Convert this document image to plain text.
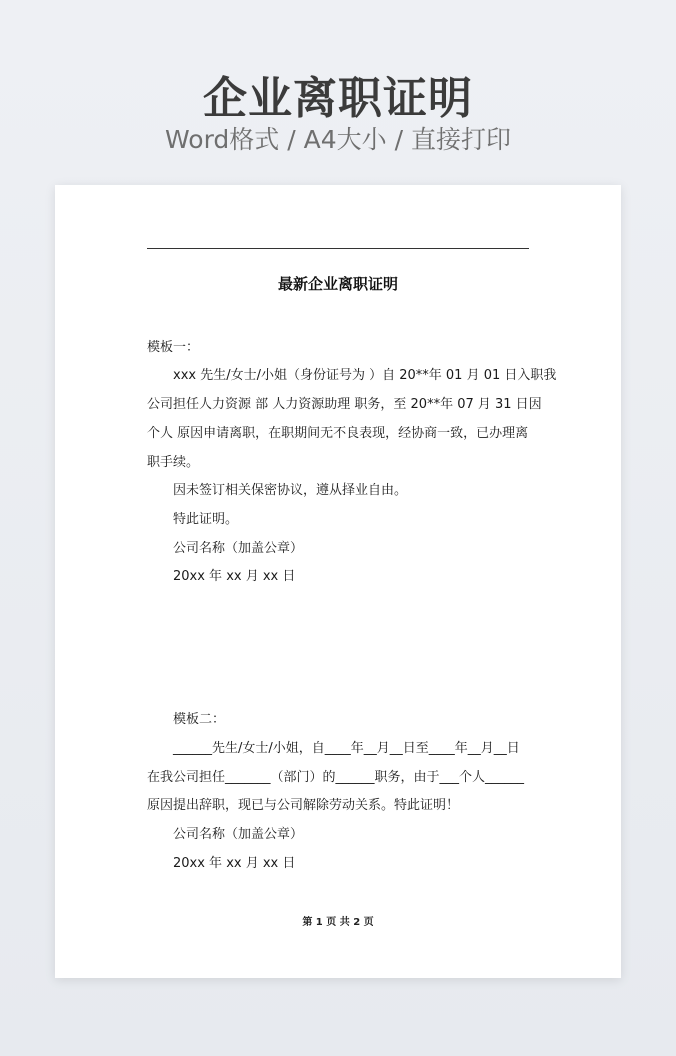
企业离职证明
Word格式 / A4大小 / 直接打印
最新企业离职证明
模板一：
xxx 先生/女士/小姐（身份证号为 ）自 20**年 01 月 01 日入职我
公司担任人力资源 部 人力资源助理 职务，至 20**年 07 月 31 日因
个人 原因申请离职，在职期间无不良表现，经协商一致，已办理离
职手续。
因未签订相关保密协议，遵从择业自由。
特此证明。
公司名称（加盖公章）
20xx 年 xx 月 xx 日
模板二：
______先生/女士/小姐，自____年__月__日至____年__月__日
在我公司担任_______（部门）的______职务，由于___个人______
原因提出辞职，现已与公司解除劳动关系。特此证明！
公司名称（加盖公章）
20xx 年 xx 月 xx 日
第 1 页 共 2 页
